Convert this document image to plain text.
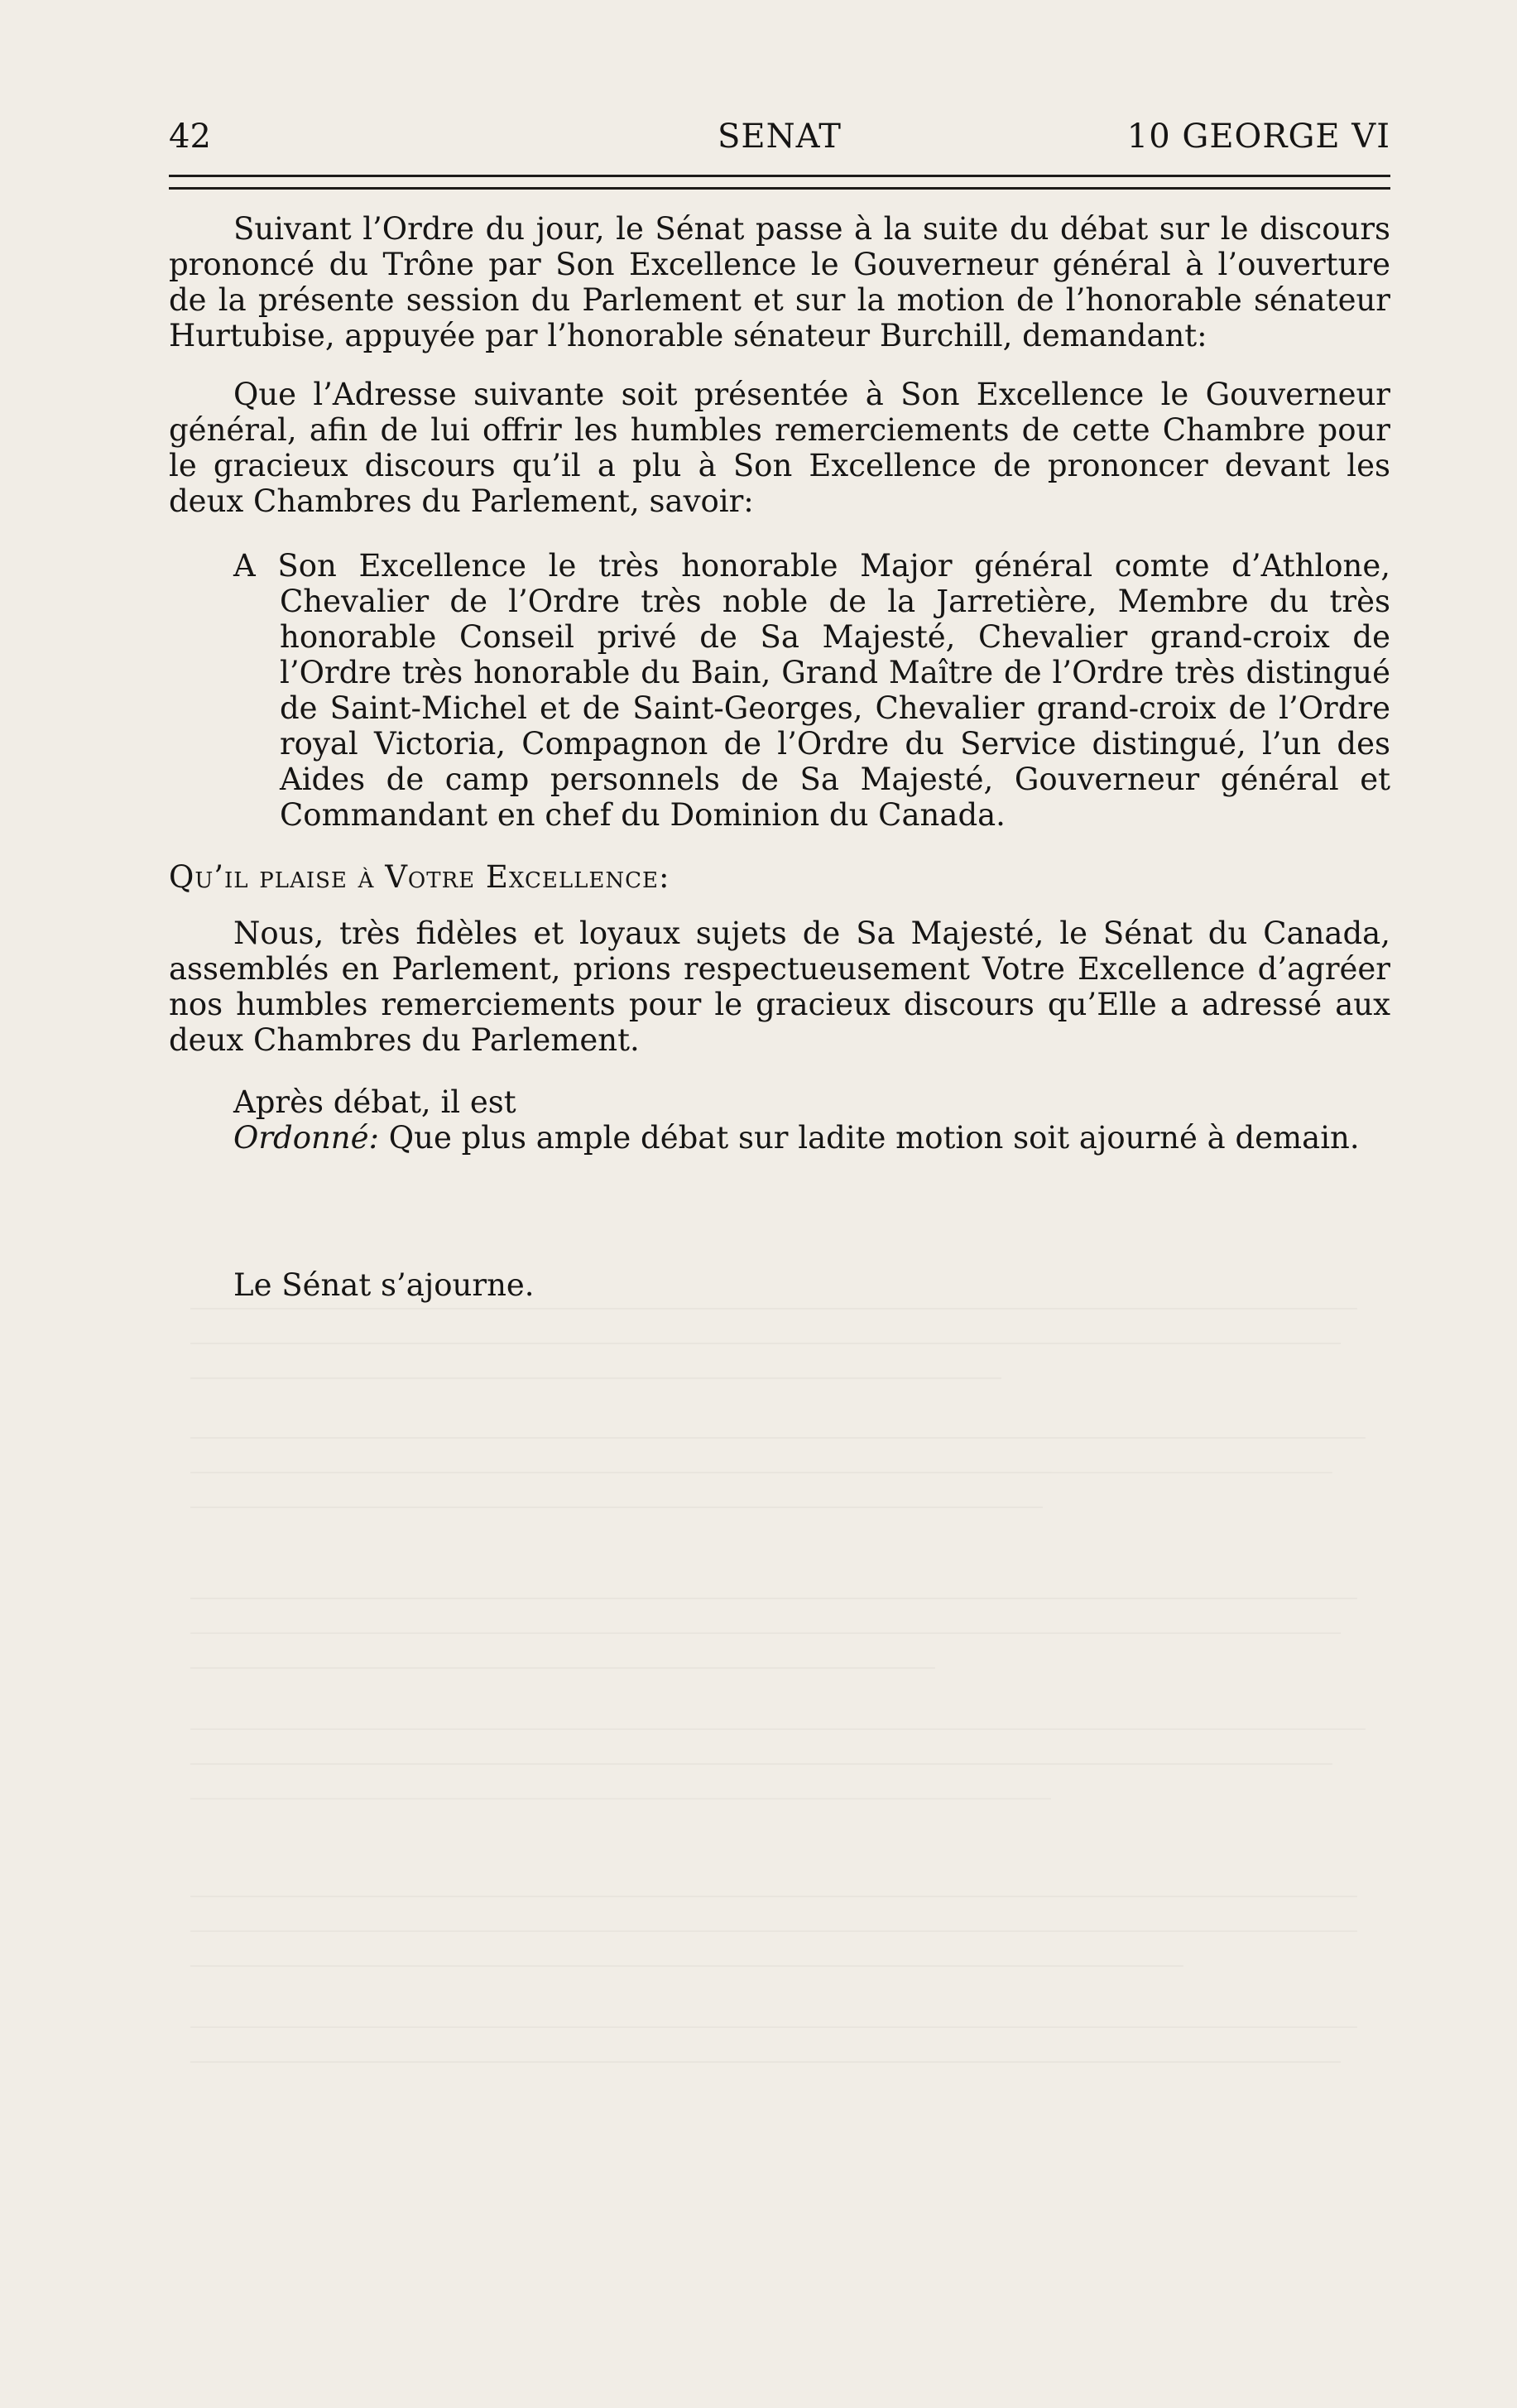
42	SENAT	10 GEORGE VI

Suivant l’Ordre du jour, le Sénat passe à la suite du débat sur le discours prononcé du Trône par Son Excellence le Gouverneur général à l’ouverture de la présente session du Parlement et sur la motion de l’honorable sénateur Hurtubise, appuyée par l’honorable sénateur Burchill, demandant:

Que l’Adresse suivante soit présentée à Son Excellence le Gouverneur général, afin de lui offrir les humbles remerciements de cette Chambre pour le gracieux discours qu’il a plu à Son Excellence de prononcer devant les deux Chambres du Parlement, savoir:

A Son Excellence le très honorable Major général comte d’Athlone, Chevalier de l’Ordre très noble de la Jarretière, Membre du très honorable Conseil privé de Sa Majesté, Chevalier grand-croix de l’Ordre très honorable du Bain, Grand Maître de l’Ordre très distingué de Saint-Michel et de Saint-Georges, Chevalier grand-croix de l’Ordre royal Victoria, Compagnon de l’Ordre du Service distingué, l’un des Aides de camp personnels de Sa Majesté, Gouverneur général et Commandant en chef du Dominion du Canada.

Qu’il plaise à Votre Excellence:

Nous, très fidèles et loyaux sujets de Sa Majesté, le Sénat du Canada, assemblés en Parlement, prions respectueusement Votre Excellence d’agréer nos humbles remerciements pour le gracieux discours qu’Elle a adressé aux deux Chambres du Parlement.

Après débat, il est

Ordonné: Que plus ample débat sur ladite motion soit ajourné à demain.

Le Sénat s’ajourne.
